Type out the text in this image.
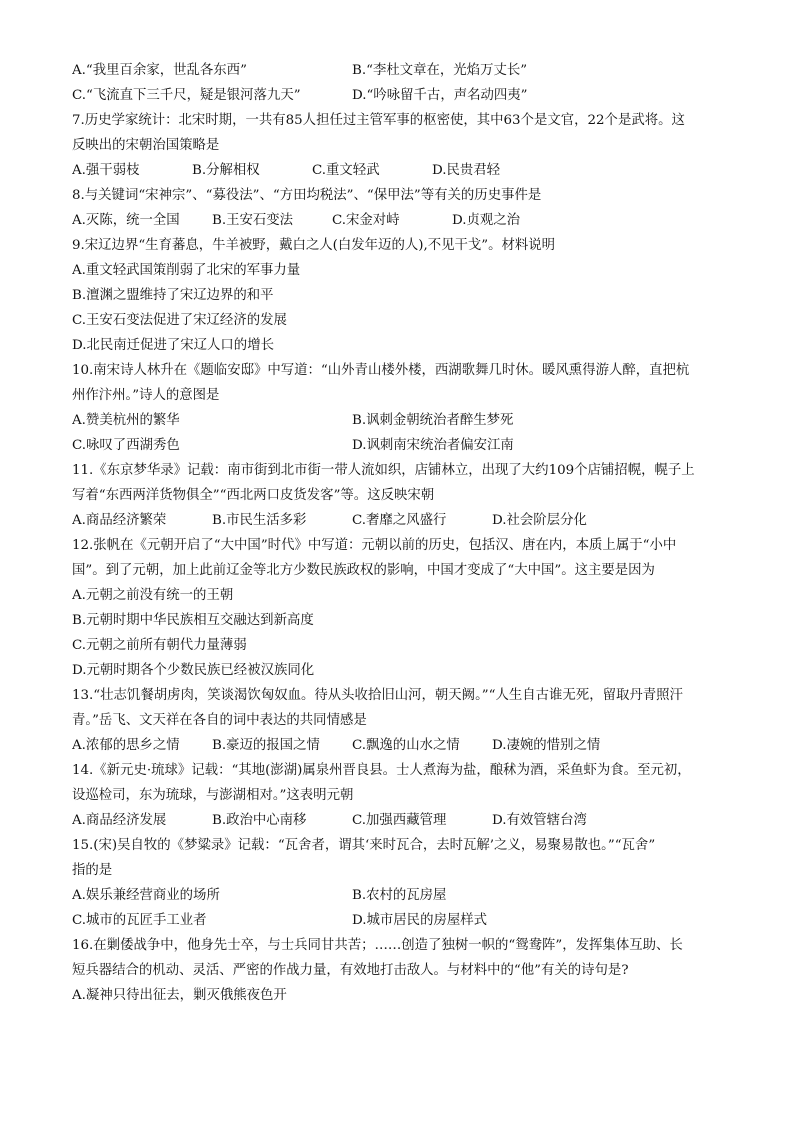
A.“我里百余家，世乱各东西”	B.“李杜文章在，光焰万丈长”
C.“飞流直下三千尺，疑是银河落九天”	D.“吟咏留千古，声名动四夷”
7.历史学家统计：北宋时期，一共有85人担任过主管军事的枢密使，其中63个是文官，22个是武将。这
反映出的宋朝治国策略是
A.强干弱枝	B.分解相权	C.重文轻武	D.民贵君轻
8.与关键词“宋神宗”、“募役法”、“方田均税法”、“保甲法”等有关的历史事件是
A.灭陈，统一全国	B.王安石变法	C.宋金对峙	D.贞观之治
9.宋辽边界“生育蕃息，牛羊被野，戴白之人(白发年迈的人),不见干戈”。材料说明
A.重文轻武国策削弱了北宋的军事力量
B.澶渊之盟维持了宋辽边界的和平
C.王安石变法促进了宋辽经济的发展
D.北民南迁促进了宋辽人口的增长
10.南宋诗人林升在《题临安邸》中写道：“山外青山楼外楼，西湖歌舞几时休。暖风熏得游人醉，直把杭
州作汴州。”诗人的意图是
A.赞美杭州的繁华	B.讽刺金朝统治者醉生梦死
C.咏叹了西湖秀色	D.讽刺南宋统治者偏安江南
11.《东京梦华录》记载：南市街到北市街一带人流如织，店铺林立，出现了大约109个店铺招幌，幌子上
写着“东西两洋货物俱全”“西北两口皮货发客”等。这反映宋朝
A.商品经济繁荣	B.市民生活多彩	C.奢靡之风盛行	D.社会阶层分化
12.张帆在《元朝开启了“大中国”时代》中写道：元朝以前的历史，包括汉、唐在内，本质上属于“小中
国”。到了元朝，加上此前辽金等北方少数民族政权的影响，中国才变成了“大中国”。这主要是因为
A.元朝之前没有统一的王朝
B.元朝时期中华民族相互交融达到新高度
C.元朝之前所有朝代力量薄弱
D.元朝时期各个少数民族已经被汉族同化
13.“壮志饥餐胡虏肉，笑谈渴饮匈奴血。待从头收拾旧山河，朝天阙。”“人生自古谁无死，留取丹青照汗
青。”岳飞、文天祥在各自的词中表达的共同情感是
A.浓郁的思乡之情	B.豪迈的报国之情	C.飘逸的山水之情	D.凄婉的惜别之情
14.《新元史·琉球》记载：“其地(澎湖)属泉州晋良县。士人煮海为盐，酿秫为酒，采鱼虾为食。至元初，
设巡检司，东为琉球，与澎湖相对。”这表明元朝
A.商品经济发展	B.政治中心南移	C.加强西藏管理	D.有效管辖台湾
15.(宋)吴自牧的《梦粱录》记载：“瓦舍者，谓其‘来时瓦合，去时瓦解’之义，易聚易散也。”“瓦舍”
指的是
A.娱乐兼经营商业的场所	B.农村的瓦房屋
C.城市的瓦匠手工业者	D.城市居民的房屋样式
16.在剿倭战争中，他身先士卒，与士兵同甘共苦；……创造了独树一帜的“鸳鸯阵”，发挥集体互助、长
短兵器结合的机动、灵活、严密的作战力量，有效地打击敌人。与材料中的“他”有关的诗句是?
A.凝神只待出征去，剿灭俄熊夜色开
